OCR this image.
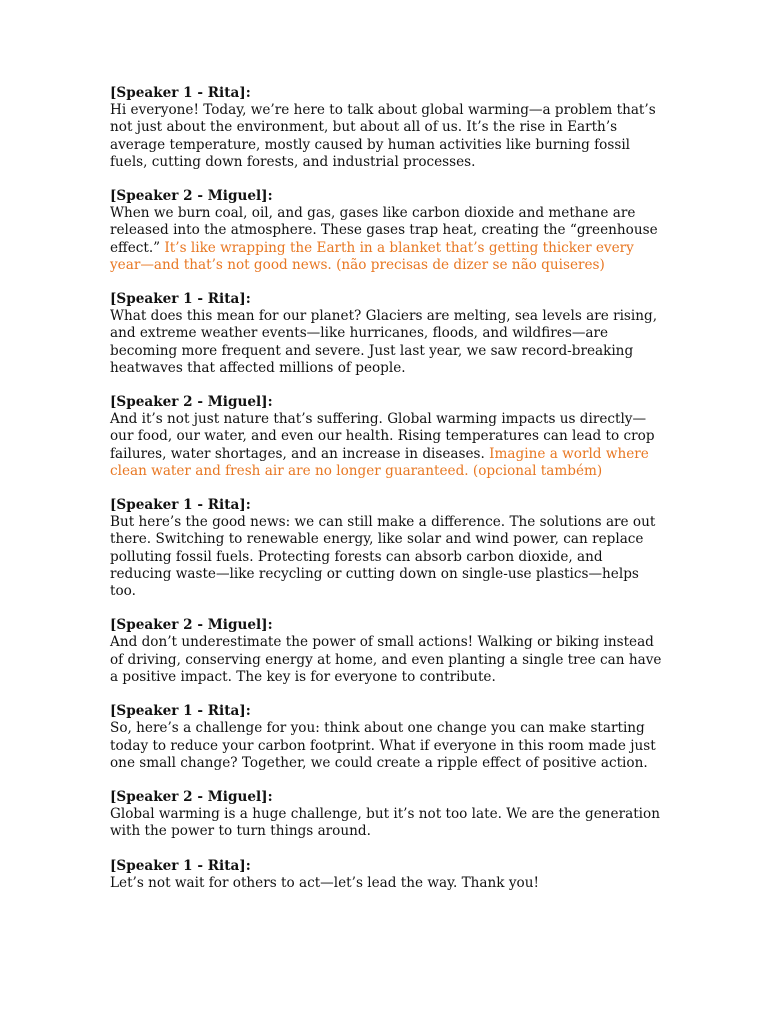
[Speaker 1 - Rita]:
Hi everyone! Today, we’re here to talk about global warming—a problem that’s not just about the environment, but about all of us. It’s the rise in Earth’s average temperature, mostly caused by human activities like burning fossil fuels, cutting down forests, and industrial processes.
[Speaker 2 - Miguel]:
When we burn coal, oil, and gas, gases like carbon dioxide and methane are released into the atmosphere. These gases trap heat, creating the “greenhouse effect.” It’s like wrapping the Earth in a blanket that’s getting thicker every year—and that’s not good news. (não precisas de dizer se não quiseres)
[Speaker 1 - Rita]:
What does this mean for our planet? Glaciers are melting, sea levels are rising, and extreme weather events—like hurricanes, floods, and wildfires—are becoming more frequent and severe. Just last year, we saw record-breaking heatwaves that affected millions of people.
[Speaker 2 - Miguel]:
And it’s not just nature that’s suffering. Global warming impacts us directly—our food, our water, and even our health. Rising temperatures can lead to crop failures, water shortages, and an increase in diseases. Imagine a world where clean water and fresh air are no longer guaranteed. (opcional também)
[Speaker 1 - Rita]:
But here’s the good news: we can still make a difference. The solutions are out there. Switching to renewable energy, like solar and wind power, can replace polluting fossil fuels. Protecting forests can absorb carbon dioxide, and reducing waste—like recycling or cutting down on single-use plastics—helps too.
[Speaker 2 - Miguel]:
And don’t underestimate the power of small actions! Walking or biking instead of driving, conserving energy at home, and even planting a single tree can have a positive impact. The key is for everyone to contribute.
[Speaker 1 - Rita]:
So, here’s a challenge for you: think about one change you can make starting today to reduce your carbon footprint. What if everyone in this room made just one small change? Together, we could create a ripple effect of positive action.
[Speaker 2 - Miguel]:
Global warming is a huge challenge, but it’s not too late. We are the generation with the power to turn things around.
[Speaker 1 - Rita]:
Let’s not wait for others to act—let’s lead the way. Thank you!
